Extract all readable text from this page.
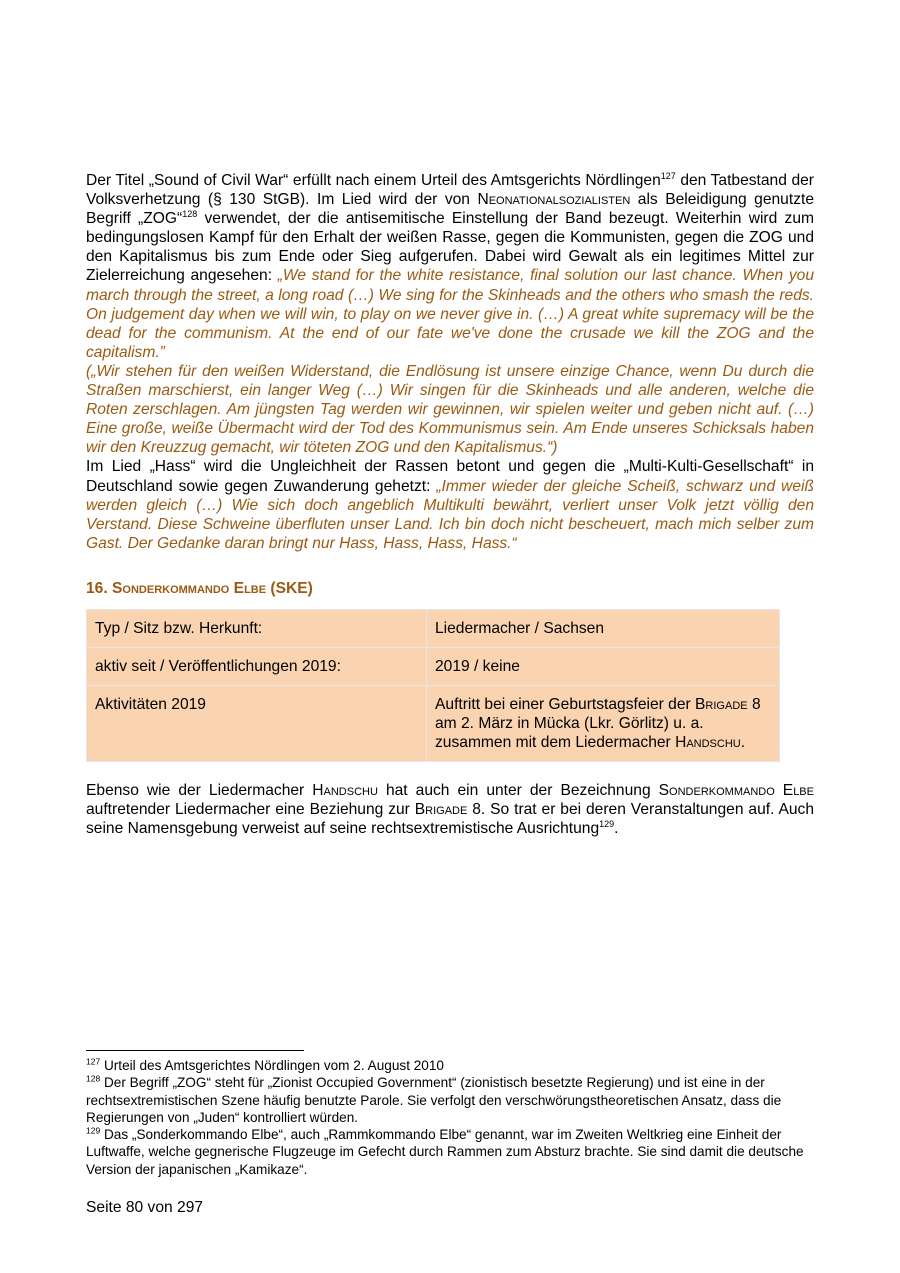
Der Titel „Sound of Civil War“ erfüllt nach einem Urteil des Amtsgerichts Nördlingen$^{127}$ den Tatbestand der Volksverhetzung (§ 130 StGB). Im Lied wird der von Neonationalsozialisten als Beleidigung genutzte Begriff „ZOG“$^{128}$ verwendet, der die antisemitische Einstellung der Band bezeugt. Weiterhin wird zum bedingungslosen Kampf für den Erhalt der weißen Rasse, gegen die Kommunisten, gegen die ZOG und den Kapitalismus bis zum Ende oder Sieg aufgerufen. Dabei wird Gewalt als ein legitimes Mittel zur Zielerreichung angesehen: „We stand for the white resistance, final solution our last chance. When you march through the street, a long road (…) We sing for the Skinheads and the others who smash the reds. On judgement day when we will win, to play on we never give in. (…) A great white supremacy will be the dead for the communism. At the end of our fate we've done the crusade we kill the ZOG and the capitalism.”
(„Wir stehen für den weißen Widerstand, die Endlösung ist unsere einzige Chance, wenn Du durch die Straßen marschierst, ein langer Weg (…) Wir singen für die Skinheads und alle anderen, welche die Roten zerschlagen. Am jüngsten Tag werden wir gewinnen, wir spielen weiter und geben nicht auf. (…) Eine große, weiße Übermacht wird der Tod des Kommunismus sein. Am Ende unseres Schicksals haben wir den Kreuzzug gemacht, wir töteten ZOG und den Kapitalismus.“)
Im Lied „Hass“ wird die Ungleichheit der Rassen betont und gegen die „Multi-Kulti-Gesellschaft“ in Deutschland sowie gegen Zuwanderung gehetzt: „Immer wieder der gleiche Scheiß, schwarz und weiß werden gleich (…) Wie sich doch angeblich Multikulti bewährt, verliert unser Volk jetzt völlig den Verstand. Diese Schweine überfluten unser Land. Ich bin doch nicht bescheuert, mach mich selber zum Gast. Der Gedanke daran bringt nur Hass, Hass, Hass, Hass.“

16. Sonderkommando Elbe (SKE)
Typ / Sitz bzw. Herkunft:	Liedermacher / Sachsen
aktiv seit / Veröffentlichungen 2019:	2019 / keine
Aktivitäten 2019	Auftritt bei einer Geburtstagsfeier der Brigade 8 am 2. März in Mücka (Lkr. Görlitz) u. a. zusammen mit dem Liedermacher Handschu.

Ebenso wie der Liedermacher Handschu hat auch ein unter der Bezeichnung Sonderkommando Elbe auftretender Liedermacher eine Beziehung zur Brigade 8. So trat er bei deren Veranstaltungen auf. Auch seine Namensgebung verweist auf seine rechtsextremistische Ausrichtung$^{129}$.

$^{127}$ Urteil des Amtsgerichtes Nördlingen vom 2. August 2010

$^{128}$ Der Begriff „ZOG“ steht für „Zionist Occupied Government“ (zionistisch besetzte Regierung) und ist eine in der rechtsextremistischen Szene häufig benutzte Parole. Sie verfolgt den verschwörungstheoretischen Ansatz, dass die Regierungen von „Juden“ kontrolliert würden.

$^{129}$ Das „Sonderkommando Elbe“, auch „Rammkommando Elbe“ genannt, war im Zweiten Weltkrieg eine Einheit der Luftwaffe, welche gegnerische Flugzeuge im Gefecht durch Rammen zum Absturz brachte. Sie sind damit die deutsche Version der japanischen „Kamikaze“.

Seite 80 von 297
